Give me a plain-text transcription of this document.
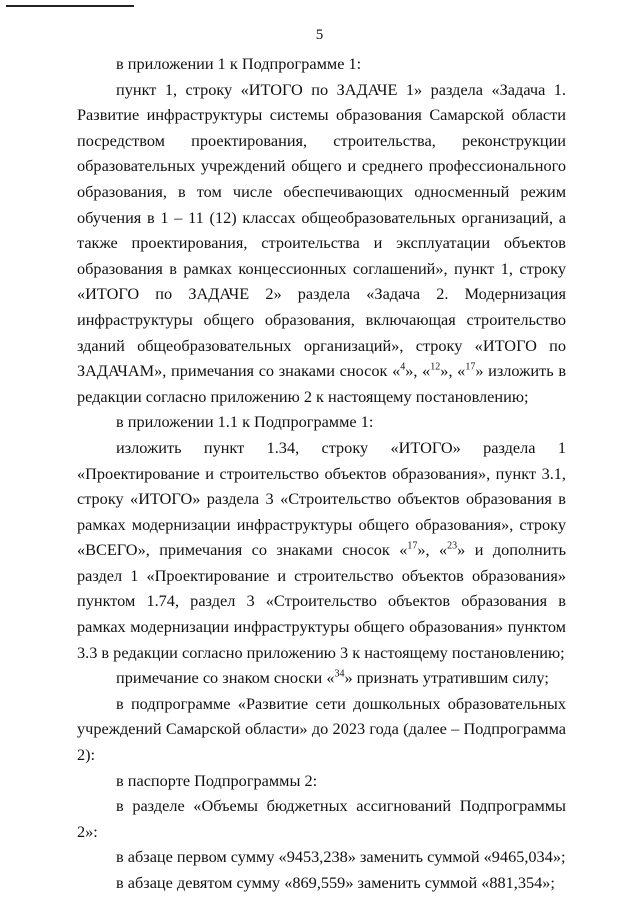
5

в приложении 1 к Подпрограмме 1:

пункт 1, строку «ИТОГО по ЗАДАЧЕ 1» раздела «Задача 1. Развитие инфраструктуры системы образования Самарской области посредством проектирования, строительства, реконструкции образовательных учреждений общего и среднего профессионального образования, в том числе обеспечивающих односменный режим обучения в 1 – 11 (12) классах общеобразовательных организаций, а также проектирования, строительства и эксплуатации объектов образования в рамках концессионных соглашений», пункт 1, строку «ИТОГО по ЗАДАЧЕ 2» раздела «Задача 2. Модернизация инфраструктуры общего образования, включающая строительство зданий общеобразовательных организаций», строку «ИТОГО по ЗАДАЧАМ», примечания со знаками сносок «$^4$», «$^{12}$», «$^{17}$» изложить в редакции согласно приложению 2 к настоящему постановлению;

в приложении 1.1 к Подпрограмме 1:

изложить пункт 1.34, строку «ИТОГО» раздела 1 «Проектирование и строительство объектов образования», пункт 3.1, строку «ИТОГО» раздела 3 «Строительство объектов образования в рамках модернизации инфраструктуры общего образования», строку «ВСЕГО», примечания со знаками сносок «$^{17}$», «$^{23}$» и дополнить раздел 1 «Проектирование и строительство объектов образования» пунктом 1.74, раздел 3 «Строительство объектов образования в рамках модернизации инфраструктуры общего образования» пунктом 3.3 в редакции согласно приложению 3 к настоящему постановлению;

примечание со знаком сноски «$^{34}$» признать утратившим силу;

в подпрограмме «Развитие сети дошкольных образовательных учреждений Самарской области» до 2023 года (далее – Подпрограмма 2):

в паспорте Подпрограммы 2:

в разделе «Объемы бюджетных ассигнований Подпрограммы 2»:

в абзаце первом сумму «9453,238» заменить суммой «9465,034»;

в абзаце девятом сумму «869,559» заменить суммой «881,354»;
